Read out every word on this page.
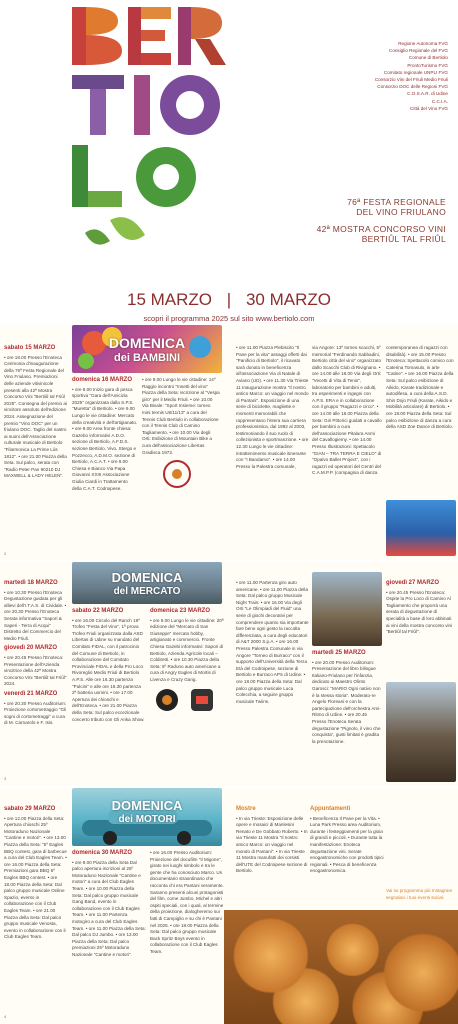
Regione Autonoma FVG
Consiglio Regionale del FVG
Comune di Bertiolo
ProntoTurismo FVG
Comitato regionale UNPLI FVG
Consorzio Vini del Friuli Medio Friuli
Consorzio DOC delle Regioni FVG
C.O.S.A.R. di Udine
C.C.I.A.
Città del Vino FVG
76ª FESTA REGIONALE
DEL VINO FRIULANO
42ª MOSTRA CONCORSO VINI
BERTIÛL TAL FRIÛL
15 MARZO | 30 MARZO
scopri il programma 2025 sul sito www.bertiolo.com
sabato 15 MARZO

• ore 18.00 Presso l'Enoteca Cerimonia d'inaugurazione della 76ª Festa Regionale del Vino Friulano. Premiazioni delle aziende vitivinicole presenti alla 42ª Mostra Concorso Vini "Bertiûl tal Friûl 2025". Consegna del premio ai vincitore assoluto dell'edizione 2024. Assegnazione del premio "Vino DOC" per un friulano DOC. Taglio del nastro ai suoni dell'Associazione culturale musicale di Bertiolo "Filarmonica La Prime Lûs 1812". • ore 21.00 Piazza della Seta. Sul palco, serata con "Radio Peter Pan 90210 DJ MAXWELL & LADY HELEN".

DOMENICA
dei BAMBINI
domenica 16 MARZO

• ore 8.00 Inizio gara di pesca sportiva "Gara dell'Amicizia 2025" organizzata dalla S.P.S. "Muretta" di Bertiolo. • ore 9.00 Lungo le vie cittadine: Mercato della creatività e dell'artigianato. • ore 9.00 Area fronte chiesa: Gazebo informativi A.D.O. sezione di Bertiolo, A.F.D.S. sezione Bertiolo, Vivo, Stergo e Pozzecco, A.D.M.O. sezione di Bertiolo, A.C.A.T. • ore 9.00 Chiesa e Bianco Via Papa Giovanni XXIII Associazione Giulia Ciardi in Trattamento della C.A.T. Codroipese.

• ore 9.00 Lungo le vie cittadine: 14º Raggio incontro "Insetti del vino" Piazza della Seta: iscrizione al "Vespa giro" per il Medio Friuli. • ore 10.00 Via Bivale: "Sport Insieme: torneo mini tennis U8/11/13" a cura del Tennis Club Bertiolo in collaborazione con il Tennis Club di Camino Tagliamento. • ore 10.00 Via degli Orti: Esibizione di Mountain Bike a cura dell'associazione Libertas Gradisca 1972.

• ore 11.00 Piazza Plebiscito "Il Pane per la vita" assaggi offerti dai "Panificio di Bertiolo", il ricavato sarà donato in beneficenza all'associazione Via di Natale di Aviano (UD). • ore 11.30 Via Trieste 11 Inaugurazione mostra "Il nostro antico Marco: un viaggio nel mondo di Pantani". Esposizione di una serie di biciclette, magliette e momenti memorabili che rappresentano l'intera sua carriera professionistica, dal 1992 al 2003, testimoniando il suo ruolo di collezionista e sportmanzione. • ore 12.30 Lungo le vie cittadine: intrattenimento musicale itinerante con "I Bandamo". • ore 14.00 Presso la Palestra comunale,

via Angore: 13º torneo scacchi, 5º memorial "Ferdinando Sabbadini, Bertiolo città del vino" organizzato dallo Scacchi Club di Rivignano. • ore 14.00 alle 18.00 Via degli Orti: "Vecetti di Vita di Tenis", laboratorio per bambini e adulti, tra esperimenti e ingegni con A.P.S. ERA e in collaborazione con il gruppo "Ragazzi e circo". • ore 14.00 alle 18.00 Piazza della Seta: Giri Pittorici guidati a cavallo per bambini a cura dell'associazione Pitalura Anmi del Cavallogiemy. • ore 14.00 Presso Illustrazioni: Spettacolo "GIAN – TRA TERRA E CIELO" di "Opalvo Ballet Project", con i ragazzi ed operatori del Centri del C.A.M.P.P. (compagnia di danza

contemporanea di ragazzi con disabilità). • ore 15.00 Presso l'Enoteca: Spettacolo comico con Caterina Tomasulo, in arte "Catine". • ore 16.00 Piazza della Seta: Sul palco esibizione di Aikido, Karate tradizionale e autodifesa, a cura della A.S.D. Shin Dojo Friuli (Karate, Aikido e Mobilità articolare) di Bertiolo. • ore 18.00 Piazza della Seta: Sul palco esibizione di danza a cura della ASD Zoe Dance di Bertiolo.

2
martedì 18 MARZO

• ore 10.30 Presso l'Enoteca Degustazione guidata per gli allievi dell'I.T.A.S. di Cividale. • ore 20.30 Presso l'Enoteca Serata informativa "Sapori & Saperi - Terra di Acqui" Distretto del Commercio del Medio Friuli.

giovedì 20 MARZO

• ore 20.45 Presso l'Enoteca: Presentazione dell'Azienda vincitrice della 42ª Mostra Concorso Vini "Bertiûl tal Friûl" 2024.

venerdì 21 MARZO

• ore 20.30 Presso Auditorium: Proiezione cortometraggio "Gli sogni di cortometraggi" a cura di M. Carnarolo e F. Isis.

DOMENICA
del MERCATO
sabato 22 MARZO

• ore 16.00 Circolo del Ranch 19º Trofeo "Festa del Vino", 1ª prova Trofeo Friuli organizzata dalla ASD Libertas di Udine su mandato del Comitato FIDAL, con il patrocinio del Comune di Bertiolo, in collaborazione del Comitato Provinciale FIDAL e della Pro Loco Rivoreglio Medio Friuli di Bertiolo A.P.S. Alle ore 16.30 partenza "Pulcini" e alle ore 16.30 partenza 2ª batteria uomini. • ore 17.00 Apertura dei chioschi e dell'Enoteca. • ore 21.00 Piazza della Seta: Sul palco eccezionale concerto tributo con Gli Anka Show.

domenica 23 MARZO

• ore 9.00 Lungo le vie cittadine: 20ª edizione del "Mercato di San Giuseppe" mercato hobby, artigianato e commercio. Fronte Chiesa Gazebi informativi: Sapori di Bertiolo, Azienda Agricole locali – Coldiretti. • ore 10.30 Piazza della Seta: 5º Raduno auto americane a cura di Angry Eagles di Mortis di Livenza e Crazy Gang.

• ore 11.00 Partenza giro auto americane. • ore 11.00 Piazza della Seta: Dal palco gruppo Musicale Night Train. • ore 16.00 Via degli Orti "Le Olimpiadi del Fluid" una serie di giochi decorativi per comprendere quanto sia importante fare bene ogni gesto la raccolta differenziata, a cura degli educatori di A&T 2000 S.p.A. • ore 16.00 Presso Palestra Comunale in via Angore "Torneo di Burraco" con il supporto dell'Università della Terza Età del Codroipese, sezione di Bertiolo e Burraco APS di Udine. • ore 18.00 Piazza della Seta: Dal palco gruppo musicale Luca Colecchia, a seguire gruppo musicale Twiins.

martedì 25 MARZO

• ore 20.00 Presso Auditorium: Presentazione del libro bilingue Italiano-Friulano per l'infanzia, dedicato ai Maestro Olinto Garosci: "MARIO Ogni nativo non è la stessa storia". Moderato-re Angelo Floreani e con la partecipazione dell'orchestra Ami- Ritmo di Udine. • ore 20.45 Presso l'Enoteca Serata degustazione "Pignolo, il vino che conquista", gusti limitati è gradita la prenotazione.

giovedì 27 MARZO

• ore 20.45 Presso l'Enoteca: Ospite la Pro Loco di Camino Al Tagliamento che proporrà una serata di degustazione di specialità a base di loro abbinati ai vini della mostra concorso vini "Bertiûl tal Friûl".

3
sabato 29 MARZO

• ore 12.00 Piazza della Seta: Apertura chioschi 25º Motoraduno Nazionale "Cantine e motori". • ore 13.00 Piazza della Seta: "5º Eagles BBQ contest, gara di barbecue a cura del Club Eagles Team. • ore 16.00 Piazza della Seta: Premiazioni gara BBQ 5º Eagles BBQ contest. • ore 18.00 Piazza della Seta: Dal palco gruppo musicale Online Spazio, evento in collaborazione con il Club Eagles Team. • ore 21.00 Piazza della Seta: Dal palco gruppo musicale Venosta, evento in collaborazione con il Club Eagles Team.

DOMENICA
dei MOTORI
domenica 30 MARZO

• ore 9.00 Piazza della Seta Dal palco apertura iscrizioni al 25º Motoraduno Nazionale "Cantine e motori" a cura del Club Eagles Team. • ore 10.00 Piazza della Seta: Dal palco gruppo musicale Gang Band, evento in collaborazione con il Club Eagles Team. • ore 11.00 Partenza motogiro a cura del Club Eagles Team. • ore 11.00 Piazza della Seta: Dal palco DJ Jumbo. • ore 13.00 Piazza della Seta: Dal palco premiazioni 25º Motoraduno Nazionale "Cantine e motori".

• ore 16.00 Presso Auditorium: Proiezione del docufilm "Il Migone", girato nei luoghi simbolo e tra le gente che ha conosciuto Marco. Un documentario straordinario che racconta chi era Pantani veramente. Saranno presenti alcuni protagonisti del film, come Jumbo, Michel e altri ospiti speciali, con i quali, al termine della proiezione, dialogheremo sui fatti di Campiglio e su chi è Pantani nel 2025. • ore 18.00 Piazza della Seta: Dal palco gruppo musicale Back Spritz Boys evento in collaborazione con il Club Eagles Team.

Mostre

• In via Trieste: Esposizione delle opere e mosaici di Manlesini Renato e De Gobbato Roberto. • In via Trieste 11 Mostra "Il nostro amico Marco: un viaggio nel mondo di Pantani". • In via Trieste 11 Mostra manufatti dei corsisti dell'UTE del Codroipese sezione di Bertiolo.

Appuntamenti

• Beneficenza Il Pane per la Vita. • Luna Park Presso area Auditorium, durante i festeggiamenti per la gioia di grandi e piccoli. • Durante tutta la manifestazione: Enoteca degustazione vini. Serate enogastronomiche con prodotti tipici regionali. • Pesca di beneficenza enogastronomica.

Vai su programma più Instagram segnalaci i tuoi eventi social.

4
